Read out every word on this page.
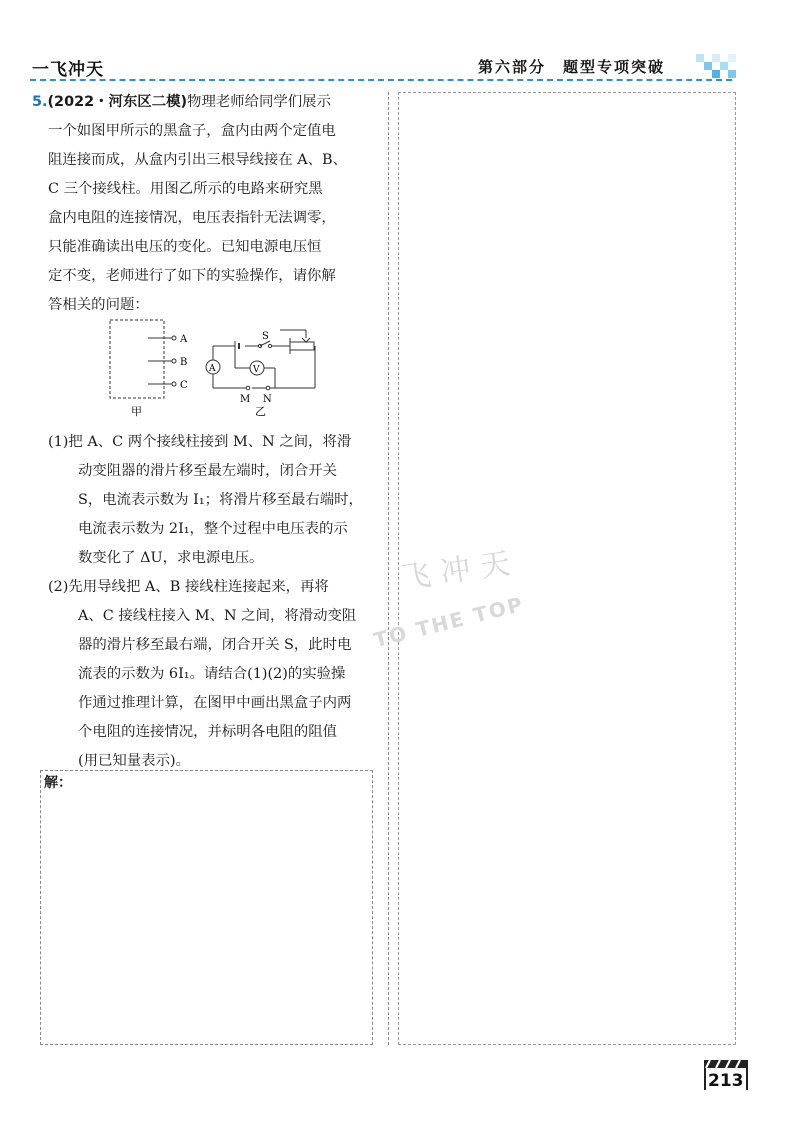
一飞冲天	第六部分　题型专项突破
5.(2022・河东区二模)物理老师给同学们展示
一个如图甲所示的黑盒子，盒内由两个定值电
阻连接而成，从盒内引出三根导线接在 A、B、
C 三个接线柱。用图乙所示的电路来研究黑
盒内电阻的连接情况，电压表指针无法调零，
只能准确读出电压的变化。已知电源电压恒
定不变，老师进行了如下的实验操作，请你解
答相关的问题：
A
B
C
甲
S
A	V
M N
乙
(1)把 A、C 两个接线柱接到 M、N 之间，将滑
动变阻器的滑片移至最左端时，闭合开关
S，电流表示数为 I₁；将滑片移至最右端时，
电流表示数为 2I₁，整个过程中电压表的示
数变化了 ΔU，求电源电压。
(2)先用导线把 A、B 接线柱连接起来，再将
A、C 接线柱接入 M、N 之间，将滑动变阻
器的滑片移至最右端，闭合开关 S，此时电
流表的示数为 6I₁。请结合(1)(2)的实验操
作通过推理计算，在图甲中画出黑盒子内两
个电阻的连接情况，并标明各电阻的阻值
(用已知量表示)。
解：
飞冲天
TO THE TOP
213
